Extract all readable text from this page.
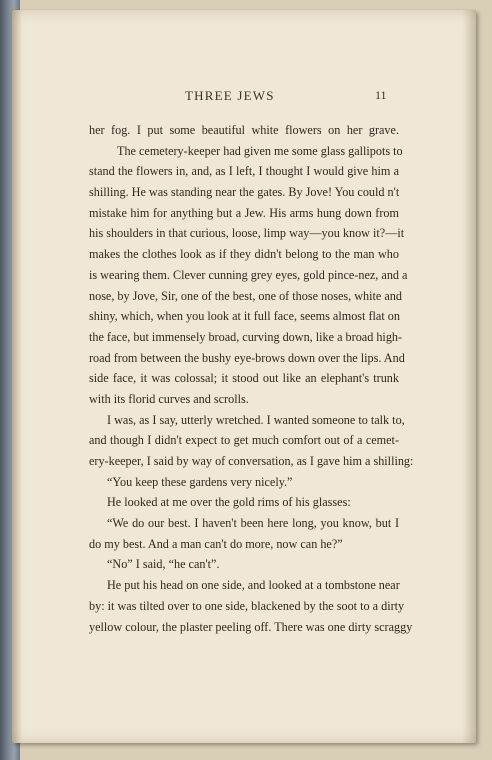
THREE JEWS	11
her fog. I put some beautiful white flowers on her grave.
The cemetery-keeper had given me some glass gallipots to
stand the flowers in, and, as I left, I thought I would give him a
shilling. He was standing near the gates. By Jove! You could n't
mistake him for anything but a Jew. His arms hung down from
his shoulders in that curious, loose, limp way—you know it?—it
makes the clothes look as if they didn't belong to the man who
is wearing them. Clever cunning grey eyes, gold pince-nez, and a
nose, by Jove, Sir, one of the best, one of those noses, white and
shiny, which, when you look at it full face, seems almost flat on
the face, but immensely broad, curving down, like a broad high-
road from between the bushy eye-brows down over the lips. And
side face, it was colossal; it stood out like an elephant's trunk
with its florid curves and scrolls.
I was, as I say, utterly wretched. I wanted someone to talk to,
and though I didn't expect to get much comfort out of a cemet-
ery-keeper, I said by way of conversation, as I gave him a shilling:
“You keep these gardens very nicely.”
He looked at me over the gold rims of his glasses:
“We do our best. I haven't been here long, you know, but I
do my best. And a man can't do more, now can he?”
“No” I said, “he can't”.
He put his head on one side, and looked at a tombstone near
by: it was tilted over to one side, blackened by the soot to a dirty
yellow colour, the plaster peeling off. There was one dirty scraggy
